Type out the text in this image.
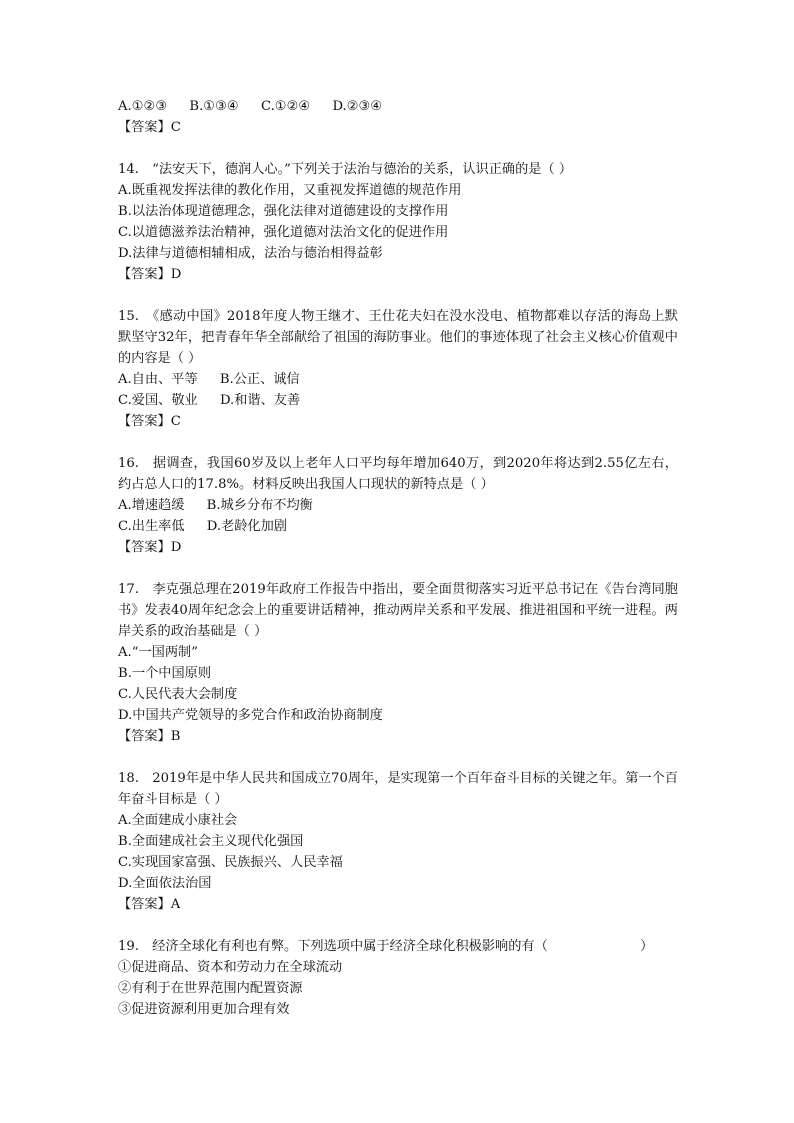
A.①②③ B.①③④ C.①②④ D.②③④
【答案】C
14.　“法安天下，德润人心。”下列关于法治与德治的关系，认识正确的是（ ）
A.既重视发挥法律的教化作用，又重视发挥道德的规范作用
B.以法治体现道德理念，强化法律对道德建设的支撑作用
C.以道德滋养法治精神，强化道德对法治文化的促进作用
D.法律与道德相辅相成，法治与德治相得益彰
【答案】D
15.　《感动中国》2018年度人物王继才、王仕花夫妇在没水没电、植物都难以存活的海岛上默默坚守32年，把青春年华全部献给了祖国的海防事业。他们的事迹体现了社会主义核心价值观中的内容是（ ）
A.自由、平等 B.公正、诚信
C.爱国、敬业 D.和谐、友善
【答案】C
16.　据调查，我国60岁及以上老年人口平均每年增加640万，到2020年将达到2.55亿左右，约占总人口的17.8%。材料反映出我国人口现状的新特点是（ ）
A.增速趋缓 B.城乡分布不均衡
C.出生率低 D.老龄化加剧
【答案】D
17.　李克强总理在2019年政府工作报告中指出，要全面贯彻落实习近平总书记在《告台湾同胞书》发表40周年纪念会上的重要讲话精神，推动两岸关系和平发展、推进祖国和平统一进程。两岸关系的政治基础是（ ）
A.“一国两制”
B.一个中国原则
C.人民代表大会制度
D.中国共产党领导的多党合作和政治协商制度
【答案】B
18.　2019年是中华人民共和国成立70周年，是实现第一个百年奋斗目标的关键之年。第一个百年奋斗目标是（ ）
A.全面建成小康社会
B.全面建成社会主义现代化强国
C.实现国家富强、民族振兴、人民幸福
D.全面依法治国
【答案】A
19.　经济全球化有利也有弊。下列选项中属于经济全球化积极影响的有（　　　　　　　）
①促进商品、资本和劳动力在全球流动
②有利于在世界范围内配置资源
③促进资源利用更加合理有效
